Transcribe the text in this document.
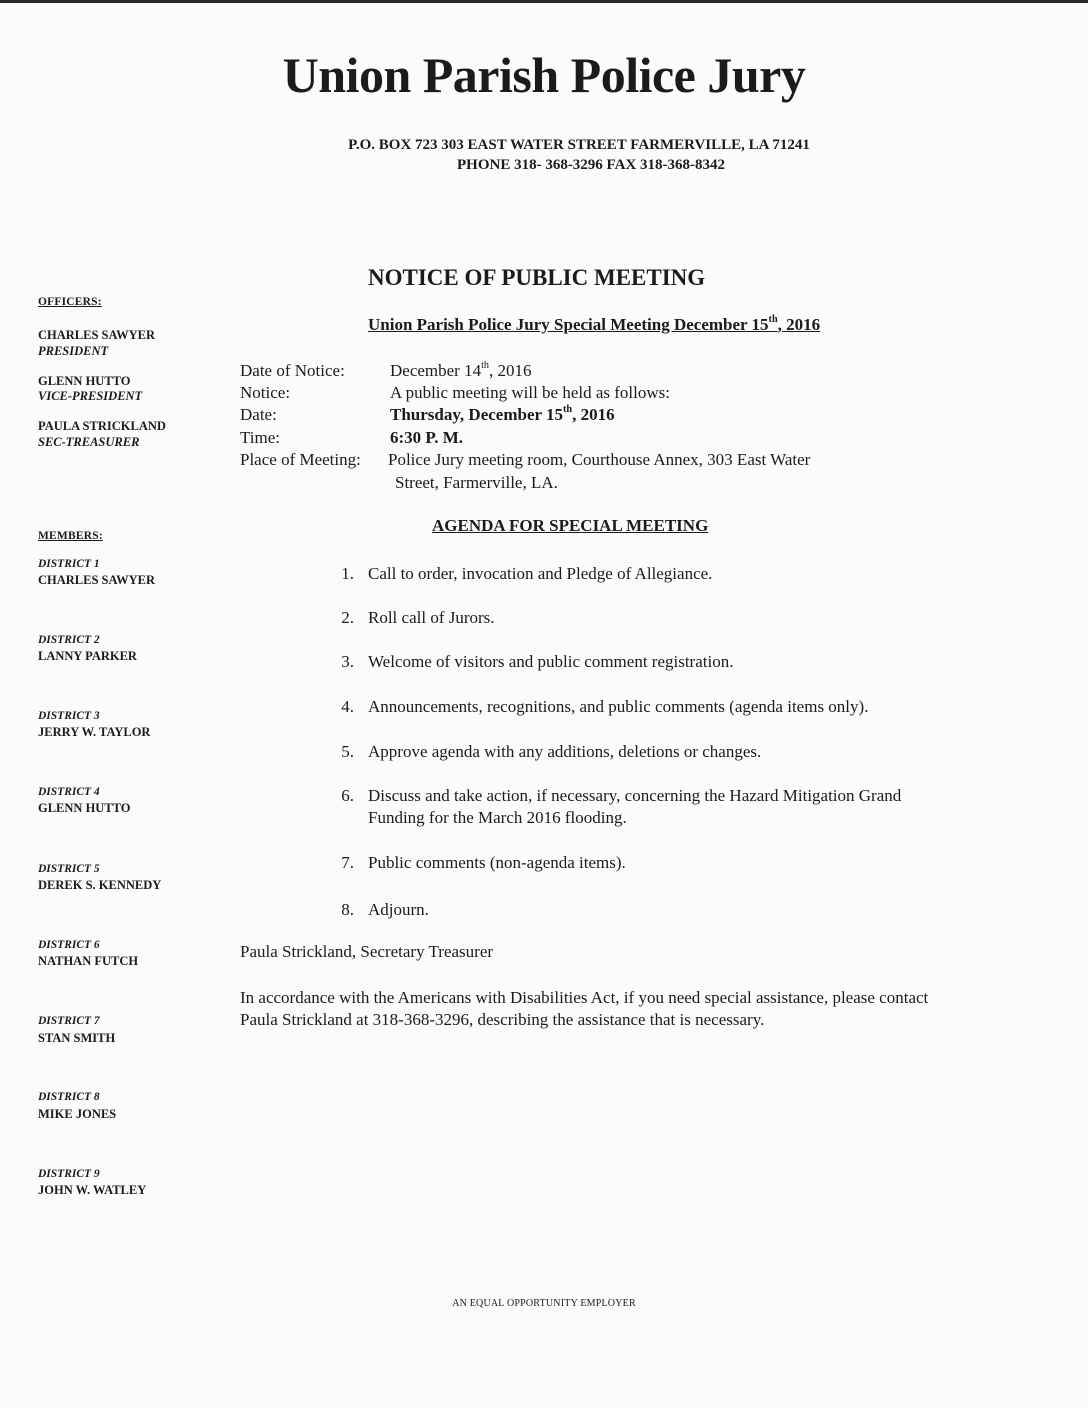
Union Parish Police Jury
P.O. BOX 723 303 EAST WATER STREET FARMERVILLE, LA 71241
PHONE 318- 368-3296 FAX 318-368-8342
NOTICE OF PUBLIC MEETING
Union Parish Police Jury Special Meeting December 15th, 2016
OFFICERS:
CHARLES SAWYER
PRESIDENT
GLENN HUTTO
VICE-PRESIDENT
PAULA STRICKLAND
SEC-TREASURER
MEMBERS:
DISTRICT 1
CHARLES SAWYER
DISTRICT 2
LANNY PARKER
DISTRICT 3
JERRY W. TAYLOR
DISTRICT 4
GLENN HUTTO
DISTRICT 5
DEREK S. KENNEDY
DISTRICT 6
NATHAN FUTCH
DISTRICT 7
STAN SMITH
DISTRICT 8
MIKE JONES
DISTRICT 9
JOHN W. WATLEY
Date of Notice:	December 14th, 2016
Notice:	A public meeting will be held as follows:
Date:	Thursday, December 15th, 2016
Time:	6:30 P. M.
Place of Meeting: Police Jury meeting room, Courthouse Annex, 303 East Water
Street, Farmerville, LA.
AGENDA FOR SPECIAL MEETING
1. Call to order, invocation and Pledge of Allegiance.
2. Roll call of Jurors.
3. Welcome of visitors and public comment registration.
4. Announcements, recognitions, and public comments (agenda items only).
5. Approve agenda with any additions, deletions or changes.
6. Discuss and take action, if necessary, concerning the Hazard Mitigation Grand Funding for the March 2016 flooding.
7. Public comments (non-agenda items).
8. Adjourn.
Paula Strickland, Secretary Treasurer
In accordance with the Americans with Disabilities Act, if you need special assistance, please contact Paula Strickland at 318-368-3296, describing the assistance that is necessary.
AN EQUAL OPPORTUNITY EMPLOYER
